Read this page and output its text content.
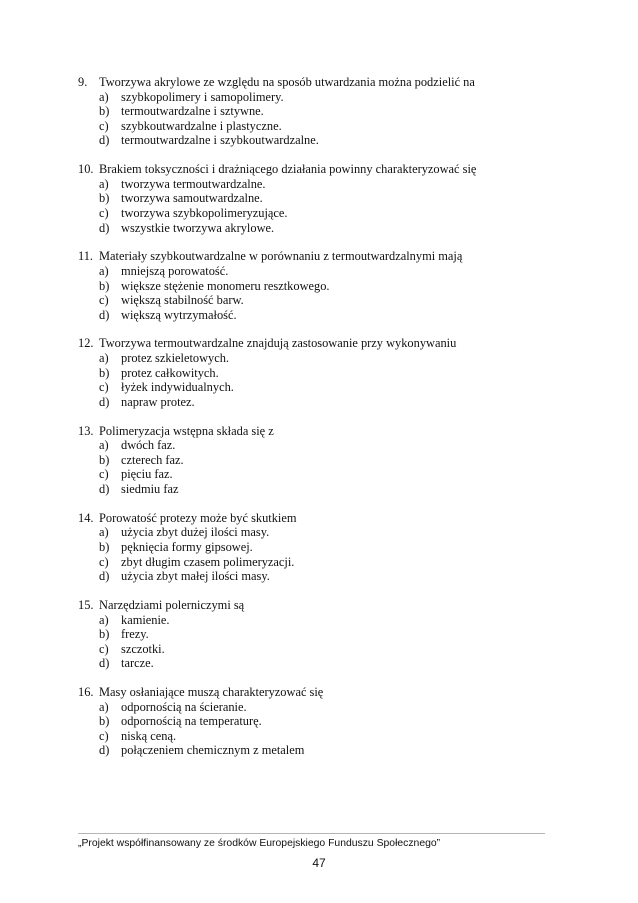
9. Tworzywa akrylowe ze względu na sposób utwardzania można podzielić na
a) szybkopolimery i samopolimery.
b) termoutwardzalne i sztywne.
c) szybkoutwardzalne i plastyczne.
d) termoutwardzalne i szybkoutwardzalne.
10. Brakiem toksyczności i drażniącego działania powinny charakteryzować się
a) tworzywa termoutwardzalne.
b) tworzywa samoutwardzalne.
c) tworzywa szybkopolimeryzujące.
d) wszystkie tworzywa akrylowe.
11. Materiały szybkoutwardzalne w porównaniu z termoutwardzalnymi mają
a) mniejszą porowatość.
b) większe stężenie monomeru resztkowego.
c) większą stabilność barw.
d) większą wytrzymałość.
12. Tworzywa termoutwardzalne znajdują zastosowanie przy wykonywaniu
a) protez szkieletowych.
b) protez całkowitych.
c) łyżek indywidualnych.
d) napraw protez.
13. Polimeryzacja wstępna składa się z
a) dwóch faz.
b) czterech faz.
c) pięciu faz.
d) siedmiu faz
14. Porowatość protezy może być skutkiem
a) użycia zbyt dużej ilości masy.
b) pęknięcia formy gipsowej.
c) zbyt długim czasem polimeryzacji.
d) użycia zbyt małej ilości masy.
15. Narzędziami polerniczymi są
a) kamienie.
b) frezy.
c) szczotki.
d) tarcze.
16. Masy osłaniające muszą charakteryzować się
a) odpornością na ścieranie.
b) odpornością na temperaturę.
c) niską ceną.
d) połączeniem chemicznym z metalem
„Projekt współfinansowany ze środków Europejskiego Funduszu Społecznego”
47
